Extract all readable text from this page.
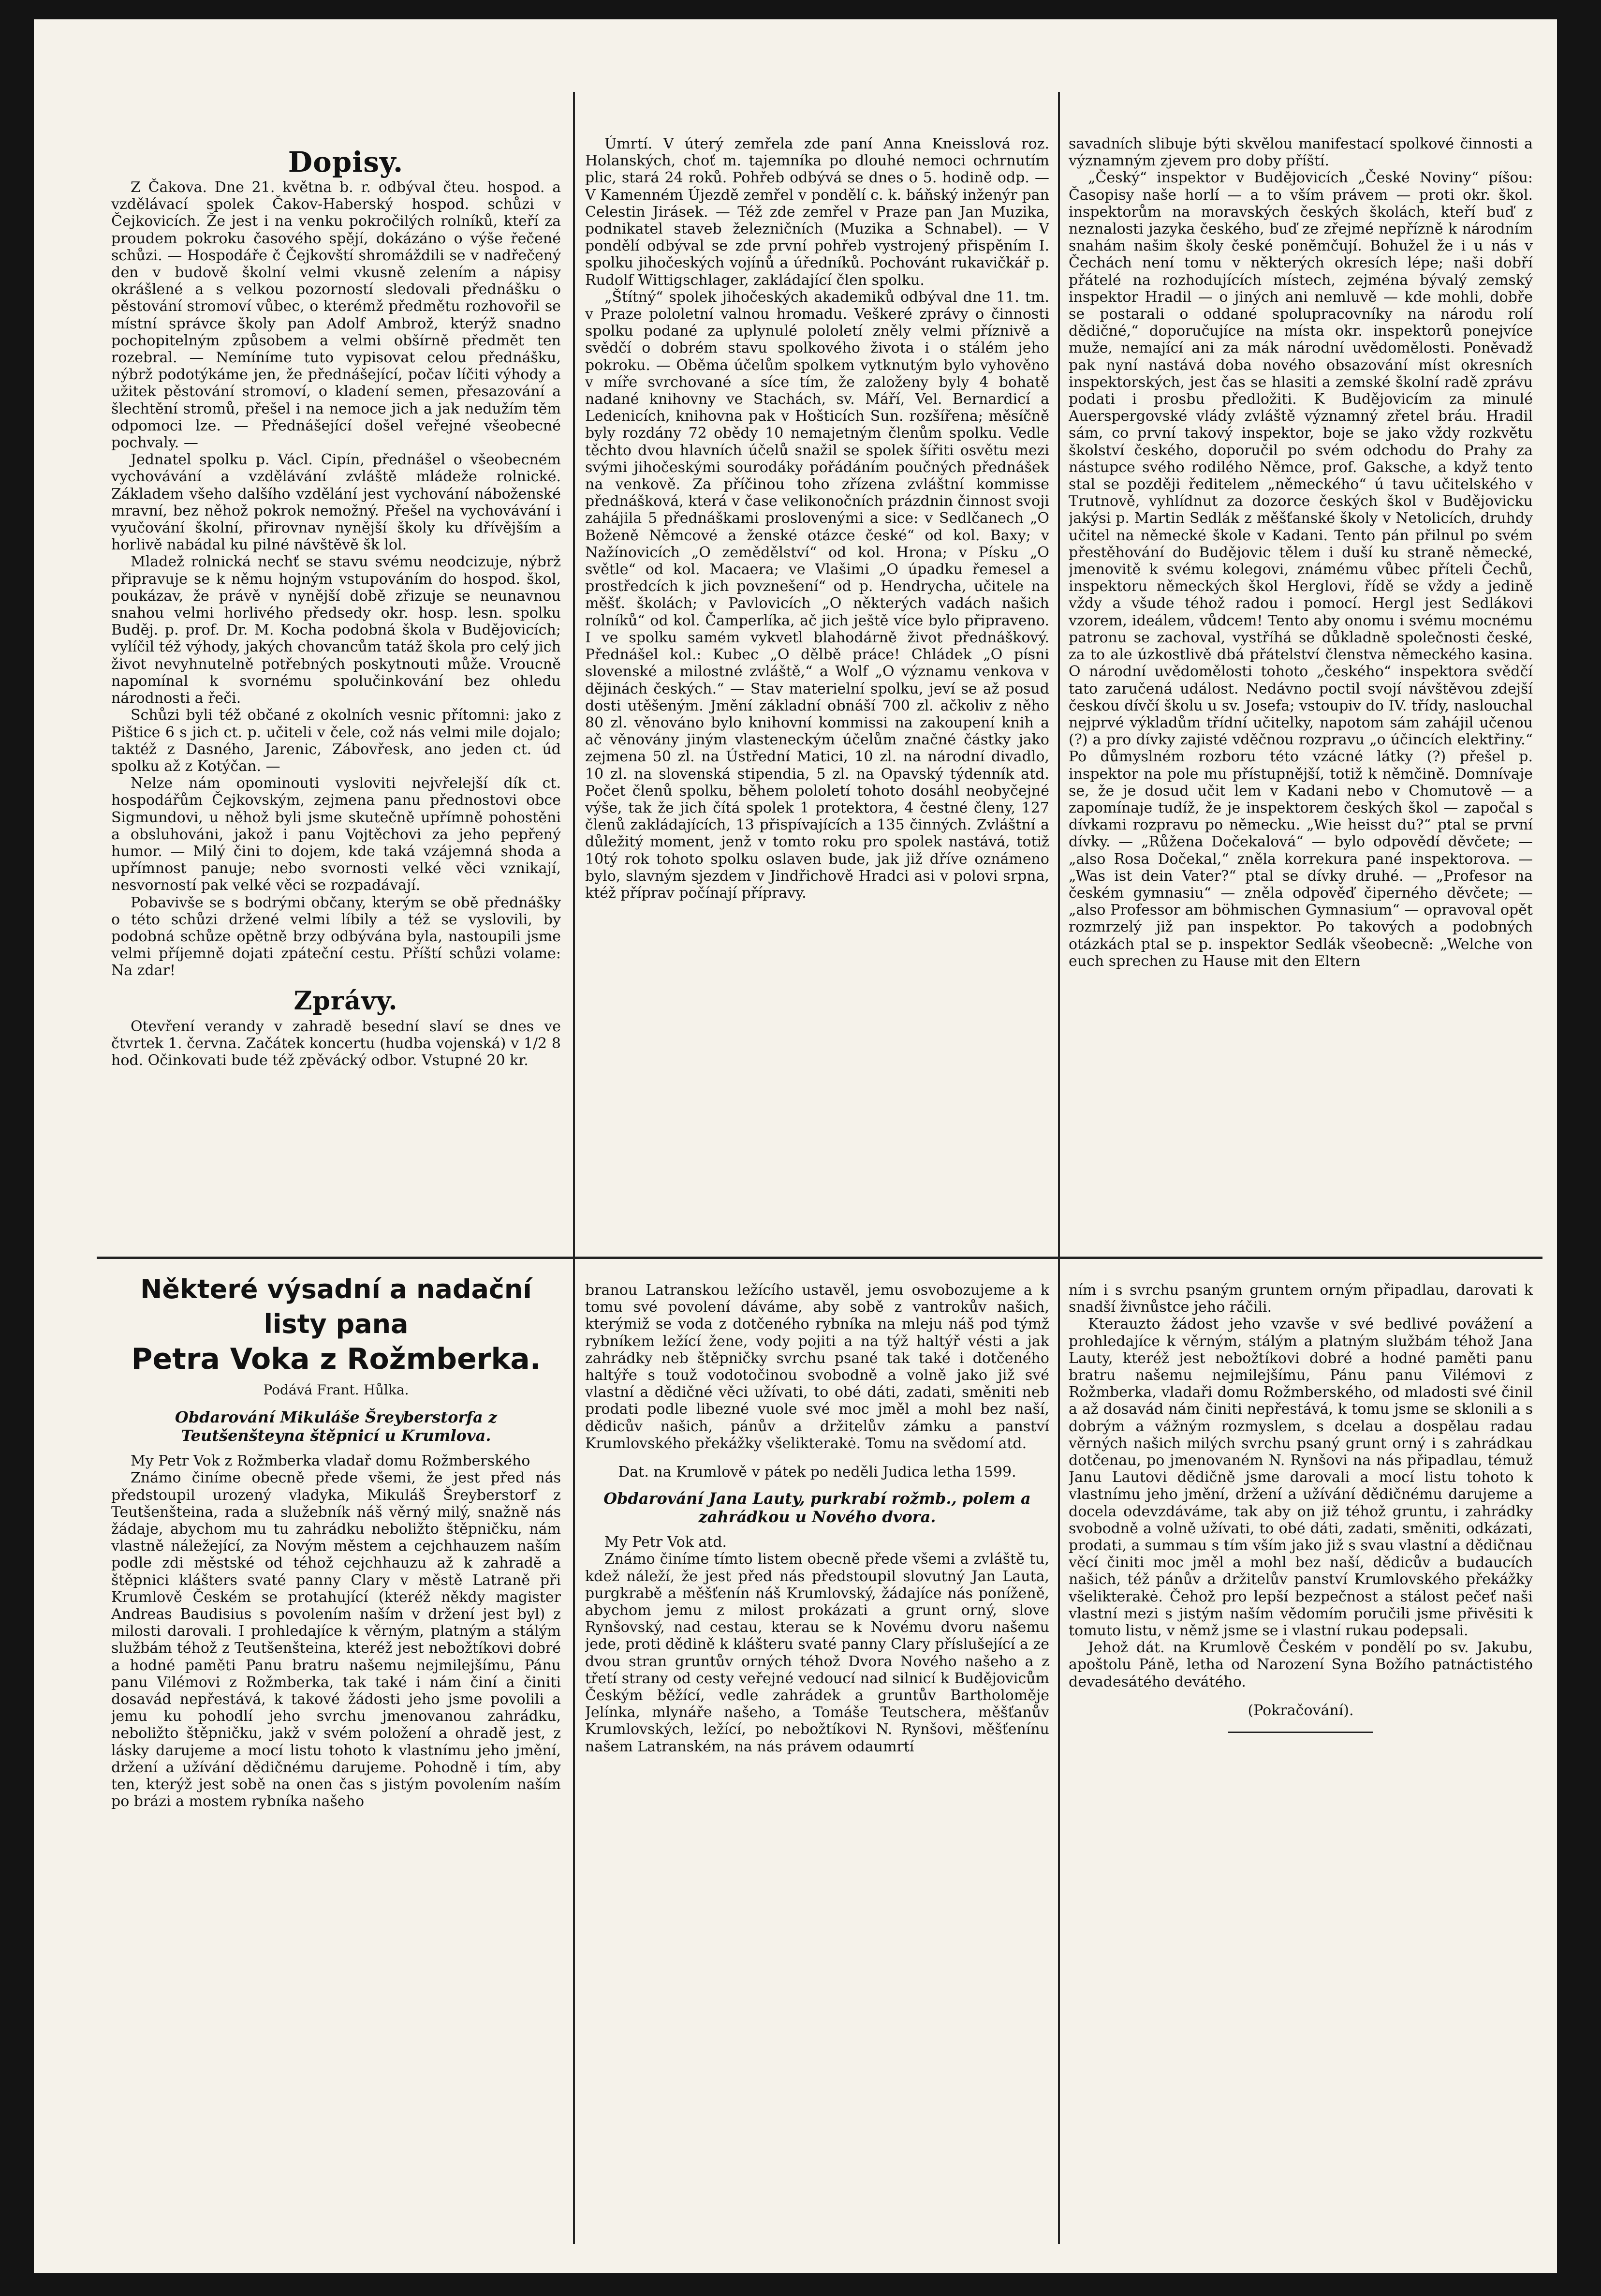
Dopisy.

Z Čakova. Dne 21. května b. r. odbýval čteu. hospod. a vzdělávací spolek Čakov-Haberský hospod. schůzi v Čejkovicích. Že jest i na venku pokročilých rolníků, kteří za proudem pokroku časového spějí, dokázáno o výše řečené schůzi. — Hospodáře č Čejkovští shromáždili se v nadřečený den v budově školní velmi vkusně zelením a nápisy okrášlené a s velkou pozorností sledovali přednášku o pěstování stromoví vůbec, o kterémž předmětu rozhovořil se místní správce školy pan Adolf Ambrož, kterýž snadno pochopitelným způsobem a velmi obšírně předmět ten rozebral. — Nemíníme tuto vypisovat celou přednášku, nýbrž podotýkáme jen, že přednášející, počav líčiti výhody a užitek pěstování stromoví, o kladení semen, přesazování a šlechtění stromů, přešel i na nemoce jich a jak nedužím těm odpomoci lze. — Přednášející došel veřejné všeobecné pochvaly. —

Jednatel spolku p. Václ. Cipín, přednášel o všeobecném vychovávání a vzdělávání zvláště mládeže rolnické. Základem všeho dalšího vzdělání jest vychování náboženské mravní, bez něhož pokrok nemožný. Přešel na vychovávání i vyučování školní, přirovnav nynější školy ku dřívějším a horlivě nabádal ku pilné návštěvě šk lol.

Mladež rolnická nechť se stavu svému neodcizuje, nýbrž připravuje se k němu hojným vstupováním do hospod. škol, poukázav, že právě v nynější době zřizuje se neunavnou snahou velmi horlivého předsedy okr. hosp. lesn. spolku Buděj. p. prof. Dr. M. Kocha podobná škola v Budějovicích; vylíčil též výhody, jakých chovancům tatáž škola pro celý jich život nevyhnutelně potřebných poskytnouti může. Vroucně napomínal k svornému spolučinkování bez ohledu národnosti a řeči.

Schůzi byli též občané z okolních vesnic přítomni: jako z Pištice 6 s jich ct. p. učiteli v čele, což nás velmi mile dojalo; taktéž z Dasného, Jarenic, Zábovřesk, ano jeden ct. úd spolku až z Kotýčan. —

Nelze nám opominouti vysloviti nejvřelejší dík ct. hospodářům Čejkovským, zejmena panu přednostovi obce Sigmundovi, u něhož byli jsme skutečně upřímně pohostěni a obsluhováni, jakož i panu Vojtěchovi za jeho pepřený humor. — Milý čini to dojem, kde taká vzájemná shoda a upřímnost panuje; nebo svornosti velké věci vznikají, nesvorností pak velké věci se rozpadávají.

Pobavivše se s bodrými občany, kterým se obě přednášky o této schůzi držené velmi líbily a též se vyslovili, by podobná schůze opětně brzy odbývána byla, nastoupili jsme velmi příjemně dojati zpáteční cestu. Příští schůzi volame: Na zdar!

Zprávy.

Otevření verandy v zahradě besední slaví se dnes ve čtvrtek 1. června. Začátek koncertu (hudba vojenská) v 1/2 8 hod. Očinkovati bude též zpěvácký odbor. Vstupné 20 kr.

Úmrtí. V úterý zemřela zde paní Anna Kneisslová roz. Holanských, choť m. tajemníka po dlouhé nemoci ochrnutím plic, stará 24 roků. Pohřeb odbývá se dnes o 5. hodině odp. — V Kamenném Újezdě zemřel v pondělí c. k. báňský inženýr pan Celestin Jirásek. — Též zde zemřel v Praze pan Jan Muzika, podnikatel staveb železničních (Muzika a Schnabel). — V pondělí odbýval se zde první pohřeb vystrojený přispěním I. spolku jihočeských vojínů a úředníků. Pochovánt rukavičkář p. Rudolf Wittigschlager, zakládající člen spolku.

„Štítný“ spolek jihočeských akademiků odbýval dne 11. tm. v Praze pololetní valnou hromadu. Veškeré zprávy o činnosti spolku podané za uplynulé pololetí zněly velmi příznivě a svědčí o dobrém stavu spolkového života i o stálém jeho pokroku. — Oběma účelům spolkem vytknutým bylo vyhověno v míře svrchované a síce tím, že založeny byly 4 bohatě nadané knihovny ve Stachách, sv. Máří, Vel. Bernardicí a Ledenicích, knihovna pak v Hošticích Sun. rozšířena; měsíčně byly rozdány 72 obědy 10 nemajetným členům spolku. Vedle těchto dvou hlavních účelů snažil se spolek šířiti osvětu mezi svými jihočeskými sourodáky pořádáním poučných přednášek na venkově. Za příčinou toho zřízena zvláštní kommisse přednášková, která v čase velikonočních prázdnin činnost svoji zahájila 5 přednáškami proslovenými a sice: v Sedlčanech „O Boženě Němcové a ženské otázce české“ od kol. Baxy; v Nažínovicích „O zemědělství“ od kol. Hrona; v Písku „O světle“ od kol. Macaera; ve Vlašimi „O úpadku řemesel a prostředcích k jich povznešení“ od p. Hendrycha, učitele na měšť. školách; v Pavlovicích „O některých vadách našich rolníků“ od kol. Čamperlíka, ač jich ještě více bylo připraveno. I ve spolku samém vykvetl blahodárně život přednáškový. Přednášel kol.: Kubec „O dělbě práce! Chládek „O písni slovenské a milostné zvláště,“ a Wolf „O významu venkova v dějinách českých.“ — Stav materielní spolku, jeví se až posud dosti utěšeným. Jmění základní obnáší 700 zl. ačkoliv z něho 80 zl. věnováno bylo knihovní kommissi na zakoupení knih a ač věnovány jiným vlasteneckým účelům značné částky jako zejmena 50 zl. na Ústřední Matici, 10 zl. na národní divadlo, 10 zl. na slovenská stipendia, 5 zl. na Opavský týdenník atd. Počet členů spolku, během pololetí tohoto dosáhl neobyčejné výše, tak že jich čítá spolek 1 protektora, 4 čestné členy, 127 členů zakládajících, 13 přispívajících a 135 činných. Zvláštní a důležitý moment, jenž v tomto roku pro spolek nastává, totiž 10tý rok tohoto spolku oslaven bude, jak již dříve oznámeno bylo, slavným sjezdem v Jindřichově Hradci asi v polovi srpna, ktéž příprav počínají přípravy.

savadních slibuje býti skvělou manifestací spolkové činnosti a významným zjevem pro doby příští.

„Český“ inspektor v Budějovicích „České Noviny“ píšou: Časopisy naše horlí — a to vším právem — proti okr. škol. inspektorům na moravských českých školách, kteří buď z neznalosti jazyka českého, buď ze zřejmé nepřízně k národním snahám našim školy české poněmčují. Bohužel že i u nás v Čechách není tomu v některých okresích lépe; naši dobří přátelé na rozhodujících místech, zejména bývalý zemský inspektor Hradil — o jiných ani nemluvě — kde mohli, dobře se postarali o oddané spolupracovníky na národu rolí dědičné,“ doporučujíce na místa okr. inspektorů ponejvíce muže, nemající ani za mák národní uvědomělosti. Poněvadž pak nyní nastává doba nového obsazování míst okresních inspektorských, jest čas se hlasiti a zemské školní radě zprávu podati i prosbu předložiti. K Budějovicím za minulé Auerspergovské vlády zvláště významný zřetel bráu. Hradil sám, co první takový inspektor, boje se jako vždy rozkvětu školství českého, doporučil po svém odchodu do Prahy za nástupce svého rodilého Němce, prof. Gaksche, a když tento stal se později ředitelem „německého“ ú tavu učitelského v Trutnově, vyhlídnut za dozorce českých škol v Budějovicku jakýsi p. Martin Sedlák z měšťanské školy v Netolicích, druhdy učitel na německé škole v Kadani. Tento pán přilnul po svém přestěhování do Budějovic tělem i duší ku straně německé, jmenovitě k svému kolegovi, známému vůbec příteli Čechů, inspektoru německých škol Herglovi, řídě se vždy a jedině vždy a všude téhož radou i pomocí. Hergl jest Sedlákovi vzorem, ideálem, vůdcem! Tento aby onomu i svému mocnému patronu se zachoval, vystříhá se důkladně společnosti české, za to ale úzkostlivě dbá přátelství členstva německého kasina. O národní uvědomělosti tohoto „českého“ inspektora svědčí tato zaručená událost. Nedávno poctil svojí návštěvou zdejší českou dívčí školu u sv. Josefa; vstoupiv do IV. třídy, naslouchal nejprvé výkladům třídní učitelky, napotom sám zahájil učenou (?) a pro dívky zajisté vděčnou rozpravu „o účincích elektřiny.“ Po důmyslném rozboru této vzácné látky (?) přešel p. inspektor na pole mu přístupnější, totiž k němčině. Domnívaje se, že je dosud učit lem v Kadani nebo v Chomutově — a zapomínaje tudíž, že je inspektorem českých škol — započal s dívkami rozpravu po německu. „Wie heisst du?“ ptal se první dívky. — „Růžena Dočekalová“ — bylo odpovědí děvčete; — „also Rosa Dočekal,“ zněla korrekura pané inspektorova. — „Was ist dein Vater?“ ptal se dívky druhé. — „Profesor na českém gymnasiu“ — zněla odpověď čiperného děvčete; — „also Professor am böhmischen Gymnasium“ — opravoval opět rozmrzelý již pan inspektor. Po takových a podobných otázkách ptal se p. inspektor Sedlák všeobecně: „Welche von euch sprechen zu Hause mit den Eltern

Některé výsadní a nadační listy pana
Petra Voka z Rožmberka.
Podává Frant. Hůlka.
Obdarování Mikuláše Šreyberstorfa z Teutšenšteyna štěpnicí u Krumlova.

My Petr Vok z Rožmberka vladař domu Rožmberského

Známo činíme obecně přede všemi, že jest před nás předstoupil urozený vladyka, Mikuláš Šreyberstorf z Teutšenšteina, rada a služebník náš věrný milý, snažně nás žádaje, abychom mu tu zahrádku neboližto štěpničku, nám vlastně náležející, za Novým městem a cejchhauzem naším podle zdi městské od téhož cejchhauzu až k zahradě a štěpnici klášters svaté panny Clary v městě Latraně při Krumlově Českém se protahující (kteréž někdy magister Andreas Baudisius s povolením naším v držení jest byl) z milosti darovali. I prohledajíce k věrným, platným a stálým službám téhož z Teutšenšteina, kteréž jest nebožtíkovi dobré a hodné paměti Panu bratru našemu nejmilejšímu, Pánu panu Vilémovi z Rožmberka, tak také i nám činí a činiti dosavád nepřestává, k takové žádosti jeho jsme povolili a jemu ku pohodlí jeho svrchu jmenovanou zahrádku, neboližto štěpničku, jakž v svém položení a ohradě jest, z lásky darujeme a mocí listu tohoto k vlastnímu jeho jmění, držení a užívání dědičnému darujeme. Pohodně i tím, aby ten, kterýž jest sobě na onen čas s jistým povolením naším po brázi a mostem rybníka našeho

branou Latranskou ležícího ustavěl, jemu osvobozujeme a k tomu své povolení dáváme, aby sobě z vantrokův našich, kterýmiž se voda z dotčeného rybníka na mleju náš pod týmž rybníkem ležící žene, vody pojiti a na týž haltýř vésti a jak zahrádky neb štěpničky svrchu psané tak také i dotčeného haltýře s touž vodotočinou svobodně a volně jako již své vlastní a dědičné věci užívati, to obé dáti, zadati, směniti neb prodati podle libezné vuole své moc jměl a mohl bez naší, dědicův našich, pánův a držitelův zámku a panství Krumlovského překážky všelikterakė. Tomu na svědomí atd.

Dat. na Krumlově v pátek po neděli Judica letha 1599.
Obdarování Jana Lauty, purkrabí rožmb., polem a zahrádkou u Nového dvora.

My Petr Vok atd.

Známo činíme tímto listem obecně přede všemi a zvláště tu, kdež náleží, že jest před nás předstoupil slovutný Jan Lauta, purgkrabě a měšťenín náš Krumlovský, žádajíce nás poníženě, abychom jemu z milost prokázati a grunt orný, slove Rynšovský, nad cestau, kterau se k Novému dvoru našemu jede, proti dědině k klášteru svaté panny Clary příslušející a ze dvou stran gruntův orných téhož Dvora Nového našeho a z třetí strany od cesty veřejné vedoucí nad silnicí k Budějovicům Českým běžící, vedle zahrádek a gruntův Bartholoměje Jelínka, mlynáře našeho, a Tomáše Teutschera, měšťanův Krumlovských, ležící, po nebožtíkovi N. Rynšovi, měšťenínu našem Latranském, na nás právem odaumrtí

ním i s svrchu psaným gruntem orným připadlau, darovati k snadší živnůstce jeho ráčili.

Kterauzto žádost jeho vzavše v své bedlivé povážení a prohledajíce k věrným, stálým a platným službám téhož Jana Lauty, kteréž jest nebožtíkovi dobré a hodné paměti panu bratru našemu nejmilejšímu, Pánu panu Vilémovi z Rožmberka, vladaři domu Rožmberského, od mladosti své činil a až dosavád nám činiti nepřestává, k tomu jsme se sklonili a s dobrým a vážným rozmyslem, s dcelau a dospělau radau věrných našich milých svrchu psaný grunt orný i s zahrádkau dotčenau, po jmenovaném N. Rynšovi na nás připadlau, témuž Janu Lautovi dědičně jsme darovali a mocí listu tohoto k vlastnímu jeho jmění, držení a užívání dědičnému darujeme a docela odevzdáváme, tak aby on již téhož gruntu, i zahrádky svobodně a volně užívati, to obé dáti, zadati, směniti, odkázati, prodati, a summau s tím vším jako již s svau vlastní a dědičnau věcí činiti moc jměl a mohl bez naší, dědicův a budaucích našich, též pánův a držitelův panství Krumlovského překážky všelikterakė. Čehož pro lepší bezpečnost a stálost pečeť naši vlastní mezi s jistým naším vědomím poručili jsme přivěsiti k tomuto listu, v němž jsme se i vlastní rukau podepsali.

Jehož dát. na Krumlově Českém v pondělí po sv. Jakubu, apoštolu Páně, letha od Narození Syna Božího patnáctistého devadesátého devátého.

(Pokračování).
